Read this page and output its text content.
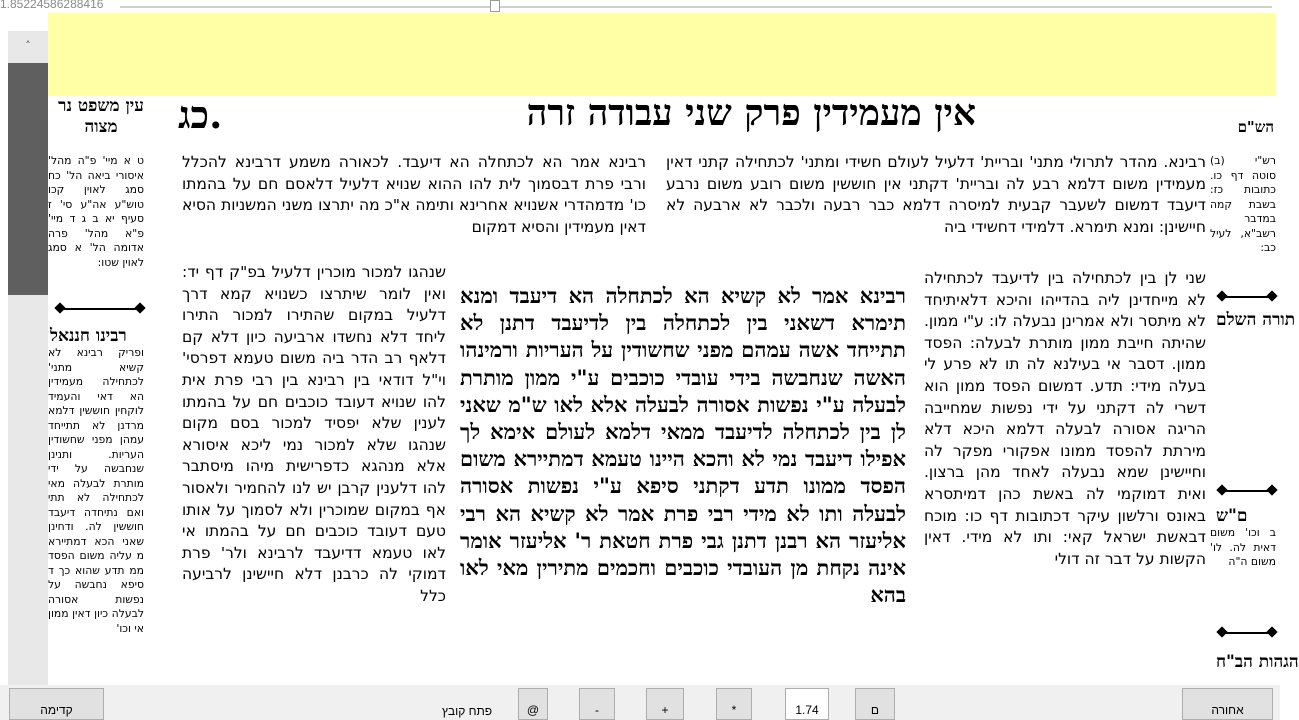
1.85224586288416
˄
אין מעמידין פרק שני עבודה זרה
כג.
עין משפט נר מצוה	הש"ם
רבינא. מהדר לתרולי מתני' ובריית' דלעיל לעולם חשידי ומתני' לכתחילה קתני דאין מעמידין משום דלמא רבע לה ובריית' דקתני אין חוששין משום רובע משום נרבע דיעבד דמשום לשעבר קבעית למיסרה דלמא כבר רבעה ולכבר לא ארבעה לא חיישינן: ומנא תימרא. דלמידי דחשידי ביה
שני לן בין לכתחילה בין לדיעבד לכתחילה לא מייחדינן ליה בהדייהו והיכא דלאיתיחד לא מיתסר ולא אמרינן נבעלה לו: ע"י ממון. שהיתה חייבת ממון מותרת לבעלה: הפסד ממון. דסבר אי בעילנא לה תו לא פרע לי בעלה מידי: תדע. דמשום הפסד ממון הוא דשרי לה דקתני על ידי נפשות שמחייבה הריגה אסורה לבעלה דלמא היכא דלא מירתת להפסד ממונו אפקורי מפקר לה וחיישינן שמא נבעלה לאחד מהן ברצון. ואית דמוקמי לה באשת כהן דמיתסרא באונס ורלשון עיקר דכתובות דף כו: מוכח דבאשת ישראל קאי: ותו לא מידי. דאין הקשות על דבר זה דולי
רבינא אמר לא קשיא הא לכתחלה הא דיעבד ומנא תימרא דשאני בין לכתחלה בין לדיעבד דתנן לא תתייחד אשה עמהם מפני שחשודין על העריות ורמינהו האשה שנחבשה בידי עובדי כוכבים ע"י ממון מותרת לבעלה ע"י נפשות אסורה לבעלה אלא לאו ש"מ שאני לן בין לכתחלה לדיעבד ממאי דלמא לעולם אימא לך אפילו דיעבד נמי לא והכא היינו טעמא דמתיירא משום הפסד ממונו תדע דקתני סיפא ע"י נפשות אסורה לבעלה ותו לא מידי רבי פרת אמר לא קשיא הא רבי אליעזר הא רבנן דתנן גבי פרת חטאת ר' אליעזר אומר אינה נקחת מן העובדי כוכבים וחכמים מתירין מאי לאו בהא
רבינא אמר הא לכתחלה הא דיעבד. לכאורה משמע דרבינא להכלל ורבי פרת דבסמוך לית להו ההוא שנויא דלעיל דלאסם חם על בהמתו כו' מדמהדרי אשנויא אחרינא ותימה א"כ מה יתרצו משני המשניות הסיא דאין מעמידין והסיא דמקום
שנהגו למכור מוכרין דלעיל בפ"ק דף יד: ואין לומר שיתרצו כשנויא קמא דרך דלעיל במקום שהתירו למכור התירו ליחד דלא נחשדו ארביעה כיון דלא קם דלאף רב הדר ביה משום טעמא דפרסי' וי"ל דודאי בין רבינא בין רבי פרת אית להו שנויא דעובד כוכבים חם על בהמתו לענין שלא יפסיד למכור בסם מקום שנהגו שלא למכור נמי ליכא איסורא אלא מנהגא כדפרישית מיהו מיסתבר להו דלענין קרבן יש לנו להחמיר ולאסור אף במקום שמוכרין ולא לסמוך על אותו טעם דעובד כוכבים חם על בהמתו אי לאו טעמא דדיעבד לרבינא ולר' פרת דמוקי לה כרבנן דלא חיישינן לרביעה כלל
ט א מיי' פ"ה מהל' איסורי ביאה הל' כח סמג לאוין קכו טוש"ע אה"ע סי' ז סעיף יא ב ג ד מיי' פ"א מהל' פרה אדומה הל' א סמג לאוין שטו:
רבינו חננאל
ופריק רבינא לא קשיא מתני' לכתחילה מעמידין הא דאי והעמיד לוקחין חוששין דלמא מרדנן לא תתייחד עמהן מפני שחשודין העריות. ותנינן שנחבשה על ידי מותרת לבעלה מאי לכתחילה לא תתי ואם נתיחדה דיעבד חוששין לה. ודחינן שאני הכא דמתיירא מ עליה משום הפסד ממ תדע שהוא כך ד סיפא נחבשה על נפשות אסורה לבעלה כיון דאין ממון אי וכו'
רש"י (ב) סוטה דף כו. כתובות כז: בשבת קמה במדבר רשב"א, לעיל כב:
תורה השלם
ם"ש
ב וכו' משום דאית לה. לו' משום ה"ה
הגהות הב"ח
קדימה	פתח קובץ	@	-	+	*	1.74	ם	אחורה
